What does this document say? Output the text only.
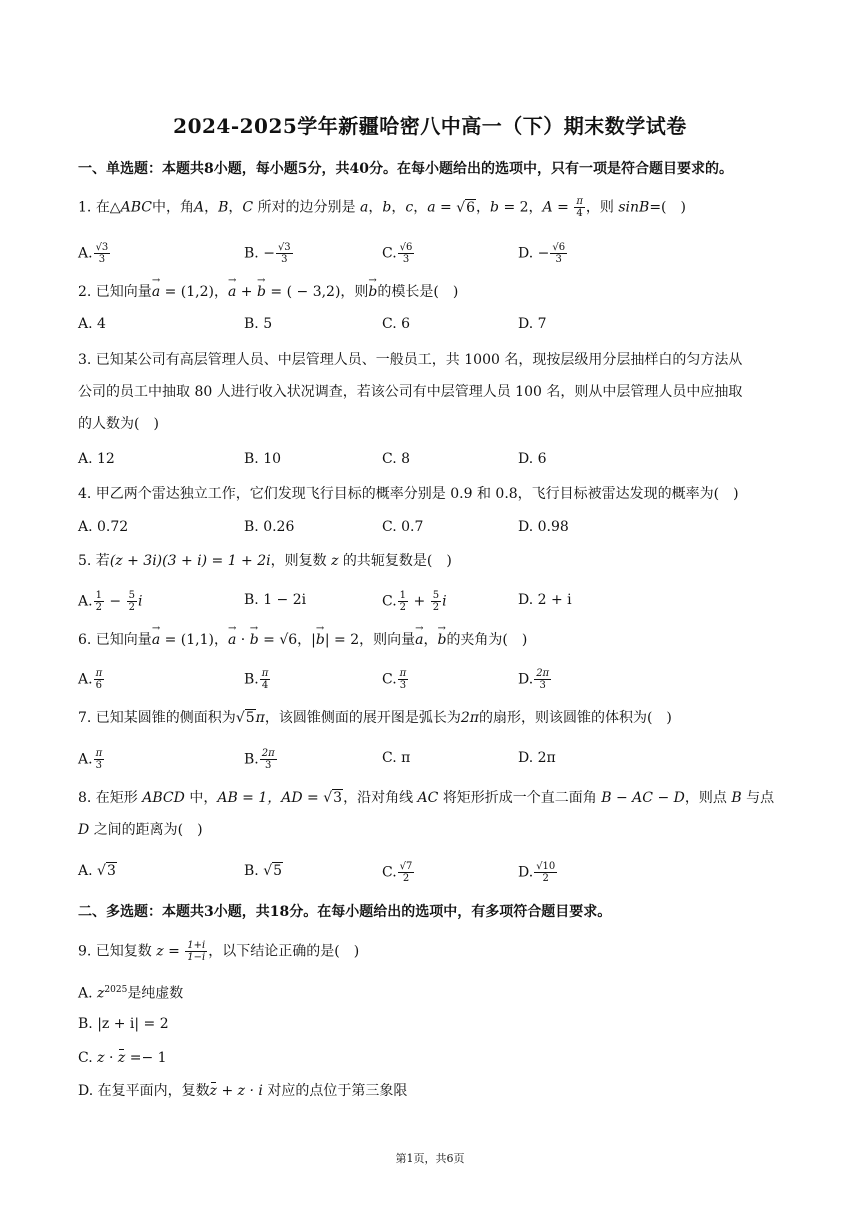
2024-2025学年新疆哈密八中高一（下）期末数学试卷
一、单选题：本题共8小题，每小题5分，共40分。在每小题给出的选项中，只有一项是符合题目要求的。
1. 在△ABC中，角A，B，C 所对的边分别是 a，b，c，a = √6，b = 2，$A = \frac{\pi}{4}$ ，则 sinB=(　)
A. $\frac{√3}{3}$	B. − $\frac{√3}{3}$	C. $\frac{√6}{3}$	D. − $\frac{√6}{3}$
2. 已知向量→ a = (1,2)，→ a + → b = ( − 3,2)，则→ b的模长是(　)
A. 4	B. 5	C. 6	D. 7
3. 已知某公司有高层管理人员、中层管理人员、一般员工，共 1000 名，现按层级用分层抽样白的匀方法从
公司的员工中抽取 80 人进行收入状况调查，若该公司有中层管理人员 100 名，则从中层管理人员中应抽取
的人数为(　)
A. 12	B. 10	C. 8	D. 6
4. 甲乙两个雷达独立工作，它们发现飞行目标的概率分别是 0.9 和 0.8，飞行目标被雷达发现的概率为(　)
A. 0.72	B. 0.26	C. 0.7	D. 0.98
5. 若(z + 3i)(3 + i) = 1 + 2i，则复数 z 的共轭复数是(　)
A. $\frac{1}{2} - \frac{5}{2}$ i	B. 1 − 2i	C. $\frac{1}{2} + \frac{5}{2}$ i	D. 2 + i
6. 已知向量→ a = (1,1)，→ a · → b = √6，|→ b| = 2，则向量→ a，→ b的夹角为(　)
A. $\frac{\pi}{6}$	B. $\frac{\pi}{4}$	C. $\frac{\pi}{3}$	D. $\frac{2\pi}{3}$
7. 已知某圆锥的侧面积为√5π，该圆锥侧面的展开图是弧长为2π的扇形，则该圆锥的体积为(　)
A. $\frac{\pi}{3}$	B. $\frac{2\pi}{3}$	C. π	D. 2π
8. 在矩形 ABCD 中，AB = 1，AD = √3，沿对角线 AC 将矩形折成一个直二面角 B − AC − D，则点 B 与点
D 之间的距离为(　)
A. √3	B. √5	C. $\frac{√7}{2}$	D. $\frac{√10}{2}$
二、多选题：本题共3小题，共18分。在每小题给出的选项中，有多项符合题目要求。
9. 已知复数 $z = \frac{1+i}{1-i}$ ，以下结论正确的是(　)
A. $z^{2025}$是纯虚数
B. |z + i| = 2
C. z · z =− 1
D. 在复平面内，复数z + z · i 对应的点位于第三象限
第1页，共6页
